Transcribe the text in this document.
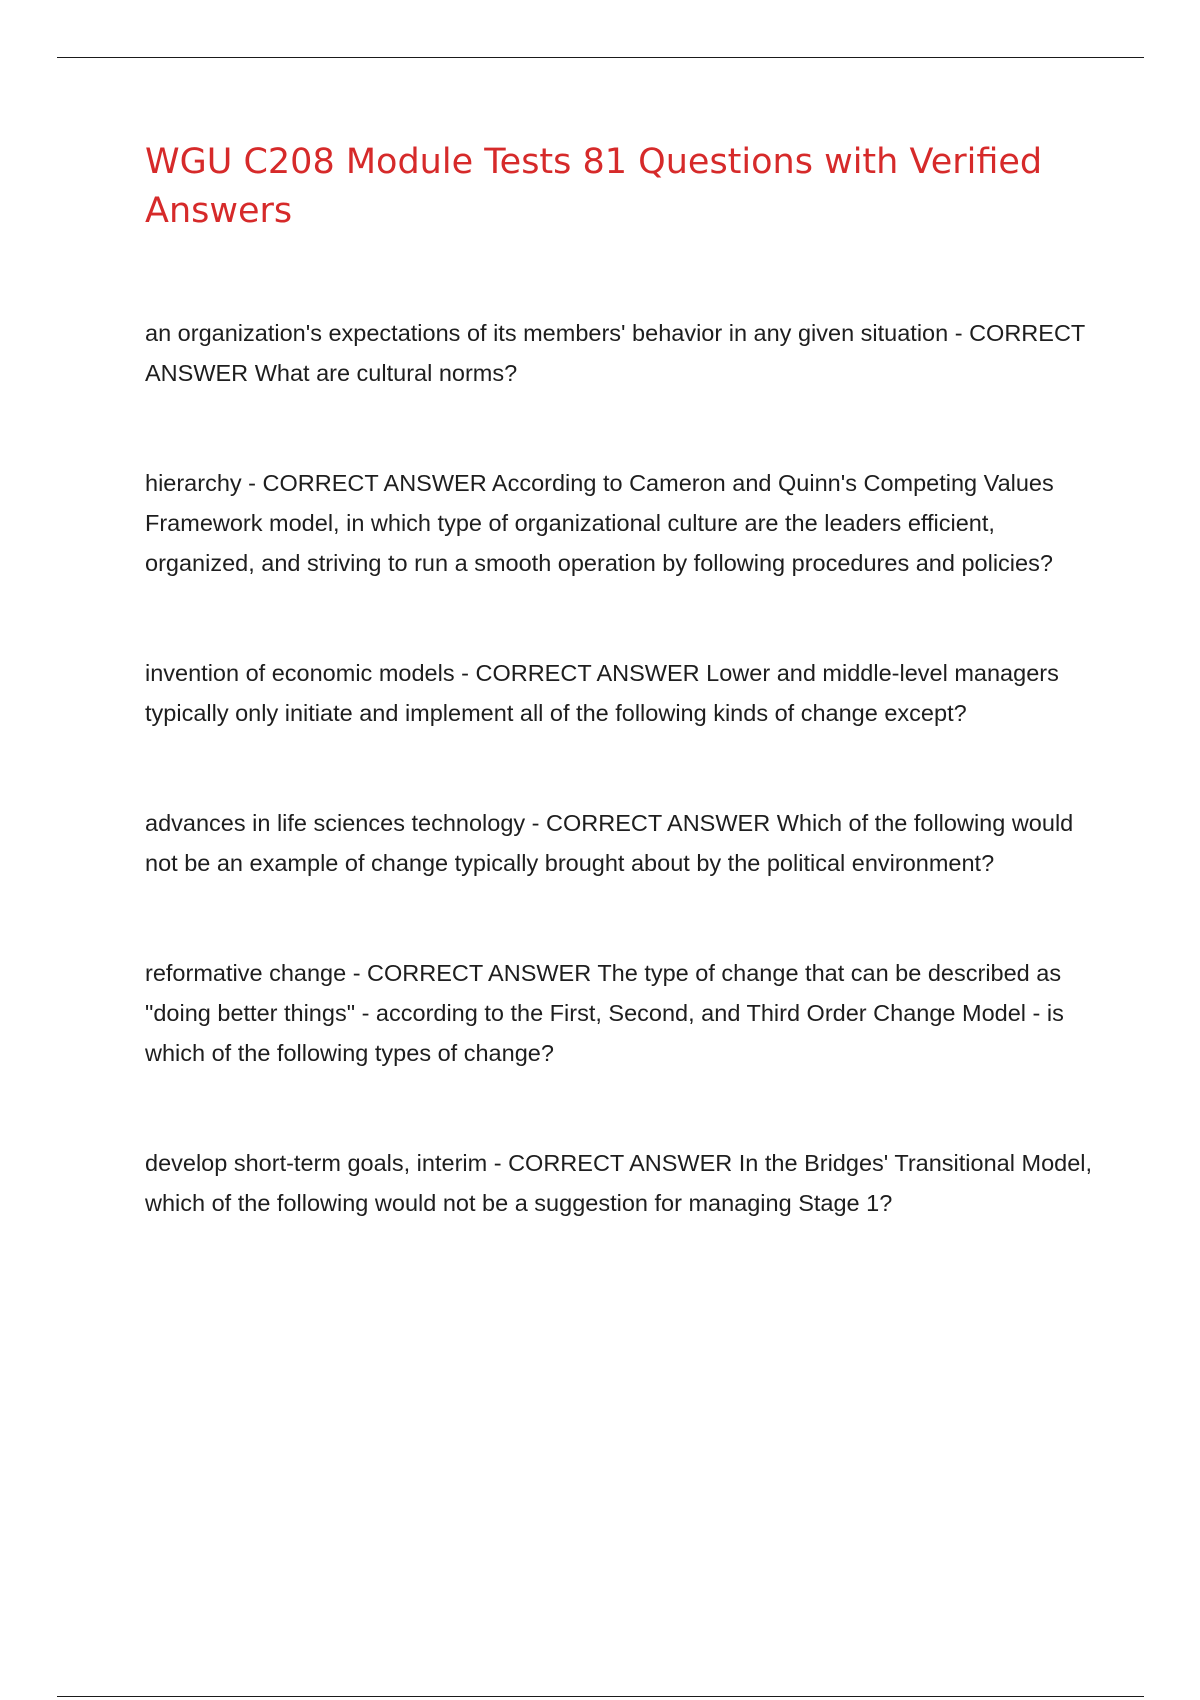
WGU C208 Module Tests 81 Questions with Verified Answers
an organization's expectations of its members' behavior in any given situation - CORRECT ANSWER What are cultural norms?
hierarchy - CORRECT ANSWER According to Cameron and Quinn's Competing Values Framework model, in which type of organizational culture are the leaders efficient, organized, and striving to run a smooth operation by following procedures and policies?
invention of economic models - CORRECT ANSWER Lower and middle-level managers typically only initiate and implement all of the following kinds of change except?
advances in life sciences technology - CORRECT ANSWER Which of the following would not be an example of change typically brought about by the political environment?
reformative change - CORRECT ANSWER The type of change that can be described as "doing better things" - according to the First, Second, and Third Order Change Model - is which of the following types of change?
develop short-term goals, interim - CORRECT ANSWER In the Bridges' Transitional Model, which of the following would not be a suggestion for managing Stage 1?
